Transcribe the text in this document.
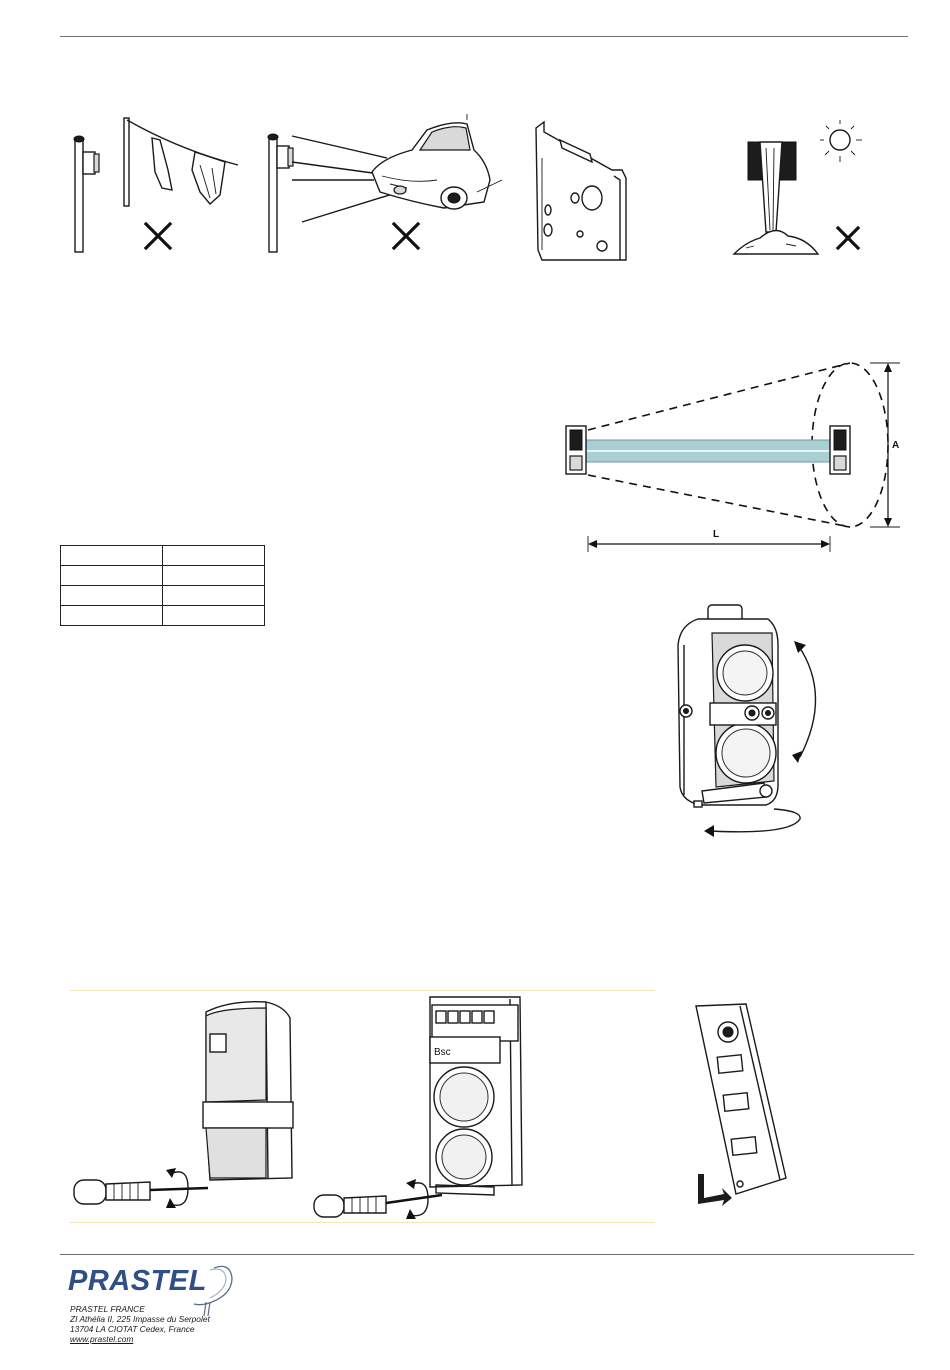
A
L

Bsc
PRASTEL
PRASTEL FRANCE
ZI Athélia II, 225 Impasse du Serpolet
13704 LA CIOTAT Cedex, France
www.prastel.com
